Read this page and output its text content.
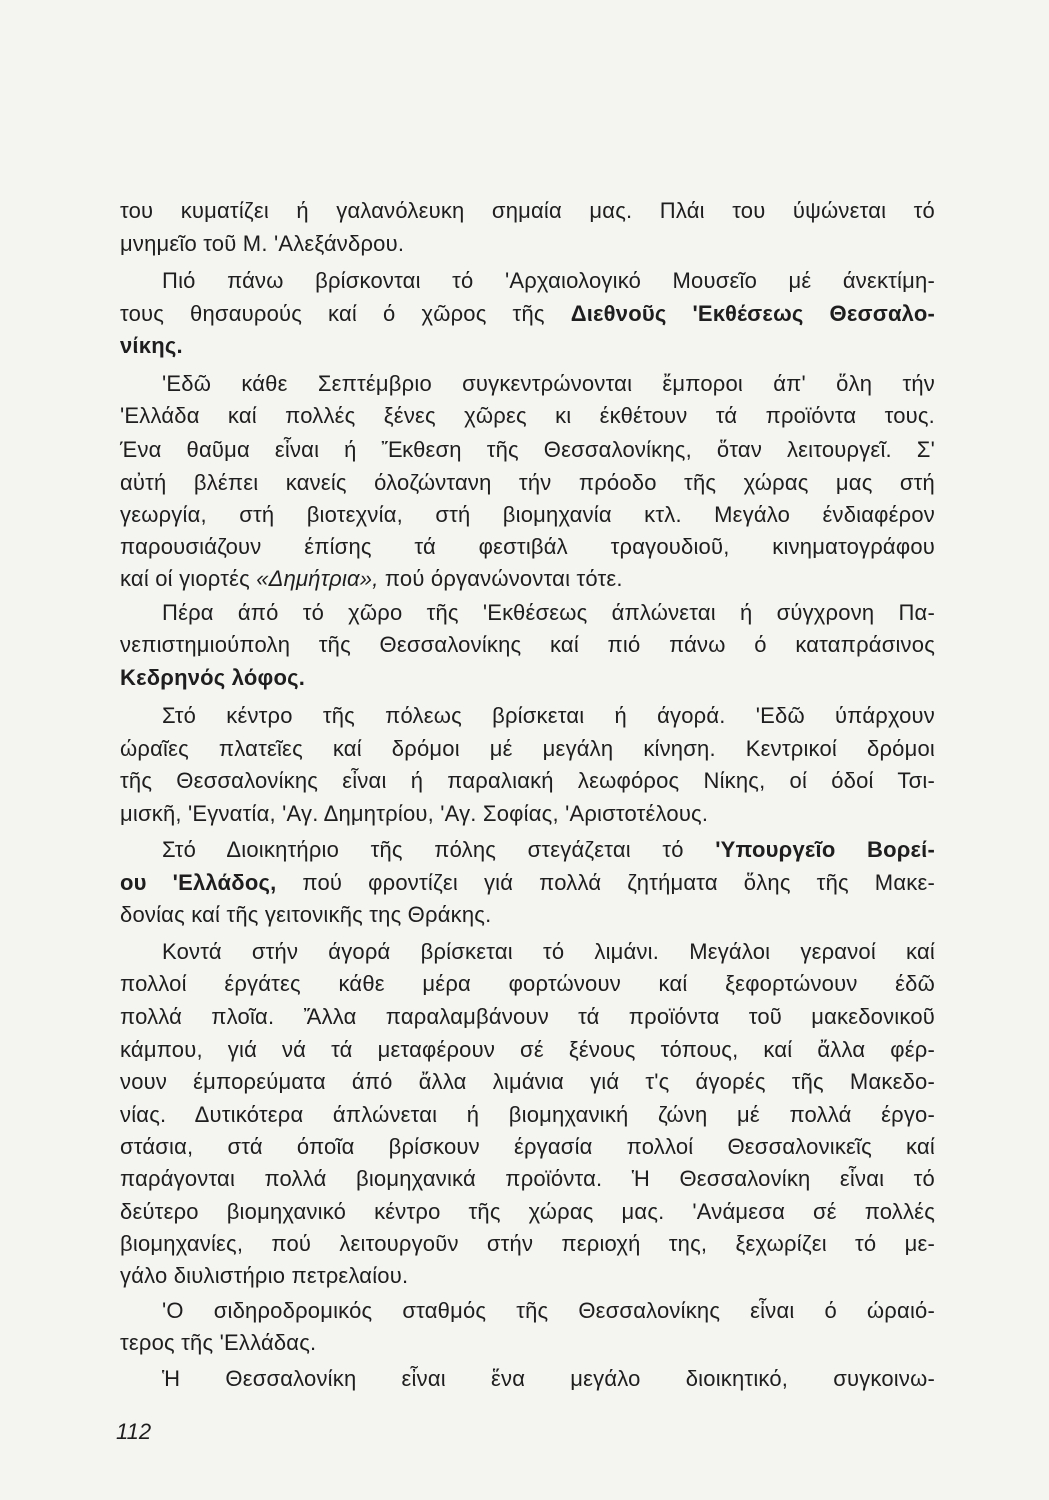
του κυματίζει ή γαλανόλευκη σημαία μας. Πλάι του ύψώνεται τό
μνημεῖο τοῦ Μ. 'Αλεξάνδρου.
Πιό πάνω βρίσκονται τό 'Αρχαιολογικό Μουσεῖο μέ άνεκτίμη-
τους θησαυρούς καί ό χῶρος τῆς Διεθνοῦς 'Εκθέσεως Θεσσαλο-
νίκης.
'Εδῶ κάθε Σεπτέμβριο συγκεντρώνονται ἔμποροι άπ' ὅλη τήν
'Ελλάδα καί πολλές ξένες χῶρες κι έκθέτουν τά προϊόντα τους.
Ένα θαῦμα εἶναι ή Ἔκθεση τῆς Θεσσαλονίκης, ὅταν λειτουργεῖ. Σ'
αὐτή βλέπει κανείς όλοζώντανη τήν πρόοδο τῆς χώρας μας στή
γεωργία, στή βιοτεχνία, στή βιομηχανία κτλ. Μεγάλο ένδιαφέρον
παρουσιάζουν έπίσης τά φεστιβάλ τραγουδιοῦ, κινηματογράφου
καί οί γιορτές «Δημήτρια», πού όργανώνονται τότε.
Πέρα άπό τό χῶρο τῆς 'Εκθέσεως άπλώνεται ή σύγχρονη Πα-
νεπιστημιούπολη τῆς Θεσσαλονίκης καί πιό πάνω ό καταπράσινος
Κεδρηνός λόφος.
Στό κέντρο τῆς πόλεως βρίσκεται ή άγορά. 'Εδῶ ύπάρχουν
ώραῖες πλατεῖες καί δρόμοι μέ μεγάλη κίνηση. Κεντρικοί δρόμοι
τῆς Θεσσαλονίκης εἶναι ή παραλιακή λεωφόρος Νίκης, οί όδοί Τσι-
μισκῆ, 'Εγνατία, 'Αγ. Δημητρίου, 'Αγ. Σοφίας, 'Αριστοτέλους.
Στό Διοικητήριο τῆς πόλης στεγάζεται τό 'Υπουργεῖο Βορεί-
ου 'Ελλάδος, πού φροντίζει γιά πολλά ζητήματα ὅλης τῆς Μακε-
δονίας καί τῆς γειτονικῆς της Θράκης.
Κοντά στήν άγορά βρίσκεται τό λιμάνι. Μεγάλοι γερανοί καί
πολλοί έργάτες κάθε μέρα φορτώνουν καί ξεφορτώνουν έδῶ
πολλά πλοῖα. Ἄλλα παραλαμβάνουν τά προϊόντα τοῦ μακεδονικοῦ
κάμπου, γιά νά τά μεταφέρουν σέ ξένους τόπους, καί ἄλλα φέρ-
νουν έμπορεύματα άπό ἄλλα λιμάνια γιά τ'ς άγορές τῆς Μακεδο-
νίας. Δυτικότερα άπλώνεται ή βιομηχανική ζώνη μέ πολλά έργο-
στάσια, στά όποῖα βρίσκουν έργασία πολλοί Θεσσαλονικεῖς καί
παράγονται πολλά βιομηχανικά προϊόντα. Ἡ Θεσσαλονίκη εἶναι τό
δεύτερο βιομηχανικό κέντρο τῆς χώρας μας. 'Ανάμεσα σέ πολλές
βιομηχανίες, πού λειτουργοῦν στήν περιοχή της, ξεχωρίζει τό με-
γάλο διυλιστήριο πετρελαίου.
'Ο σιδηροδρομικός σταθμός τῆς Θεσσαλονίκης εἶναι ό ώραιό-
τερος τῆς 'Ελλάδας.
Ἡ Θεσσαλονίκη εἶναι ἕνα μεγάλο διοικητικό, συγκοινω-
112
